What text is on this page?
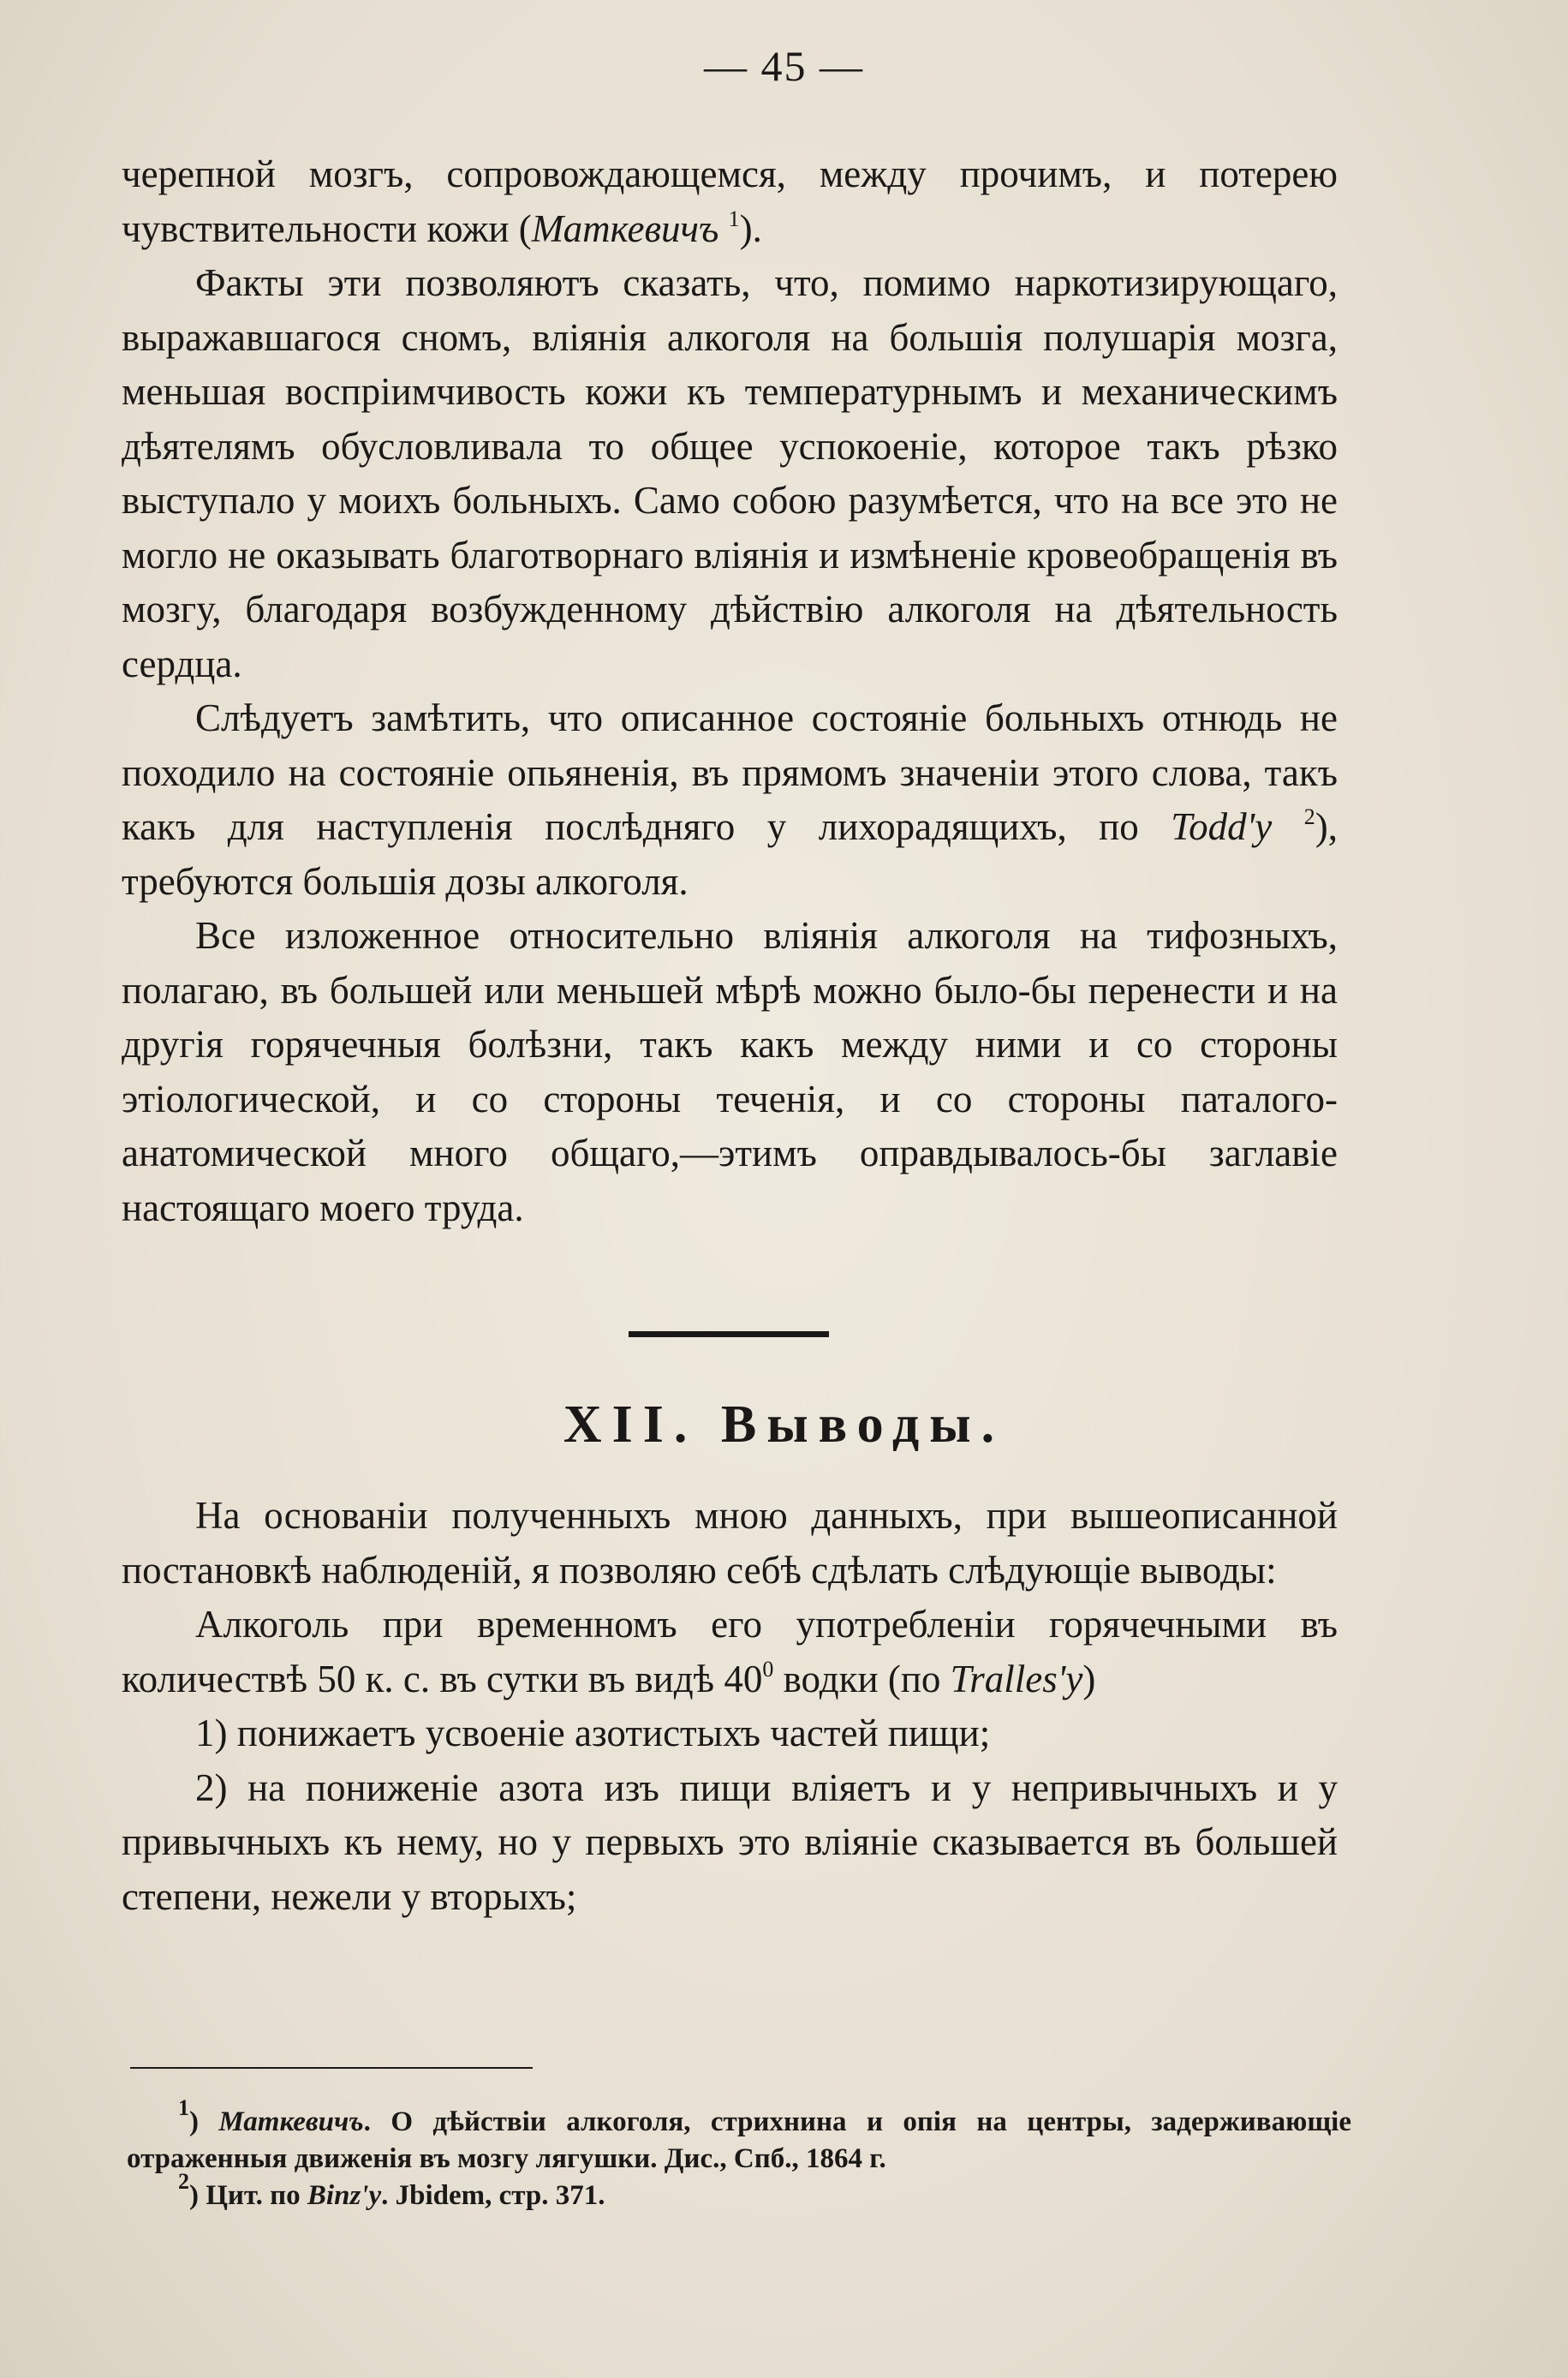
— 45 —

черепной мозгъ, сопровождающемся, между прочимъ, и потерею чувствительности кожи (Маткевичъ $^1$).

Факты эти позволяютъ сказать, что, помимо наркотизирующаго, выражавшагося сномъ, вліянія алкоголя на большія полушарія мозга, меньшая воспріимчивость кожи къ температурнымъ и механическимъ дѣятелямъ обусловливала то общее успокоеніе, которое такъ рѣзко выступало у моихъ больныхъ. Само собою разумѣется, что на все это не могло не оказывать благотворнаго вліянія и измѣненіе кровеобращенія въ мозгу, благодаря возбужденному дѣйствію алкоголя на дѣятельность сердца.

Слѣдуетъ замѣтить, что описанное состояніе больныхъ отнюдь не походило на состояніе опьяненія, въ прямомъ значеніи этого слова, такъ какъ для наступленія послѣдняго у лихорадящихъ, по Todd'у $^2$), требуются большія дозы алкоголя.

Все изложенное относительно вліянія алкоголя на тифозныхъ, полагаю, въ большей или меньшей мѣрѣ можно было-бы перенести и на другія горячечныя болѣзни, такъ какъ между ними и со стороны этіологической, и со стороны теченія, и со стороны паталого-анатомической много общаго,—этимъ оправдывалось-бы заглавіе настоящаго моего труда.

XII. Выводы.

На основаніи полученныхъ мною данныхъ, при вышеописанной постановкѣ наблюденій, я позволяю себѣ сдѣлать слѣдующіе выводы:

Алкоголь при временномъ его употребленіи горячечными въ количествѣ 50 к. с. въ сутки въ видѣ $40^0$ водки (по Tralles'у)

1) понижаетъ усвоеніе азотистыхъ частей пищи;

2) на пониженіе азота изъ пищи вліяетъ и у непривычныхъ и у привычныхъ къ нему, но у первыхъ это вліяніе сказывается въ большей степени, нежели у вторыхъ;

$^1$) Маткевичъ. О дѣйствіи алкоголя, стрихнина и опія на центры, задерживающіе отраженныя движенія въ мозгу лягушки. Дис., Спб., 1864 г.

$^2$) Цит. по Binz'у. Jbidem, стр. 371.
